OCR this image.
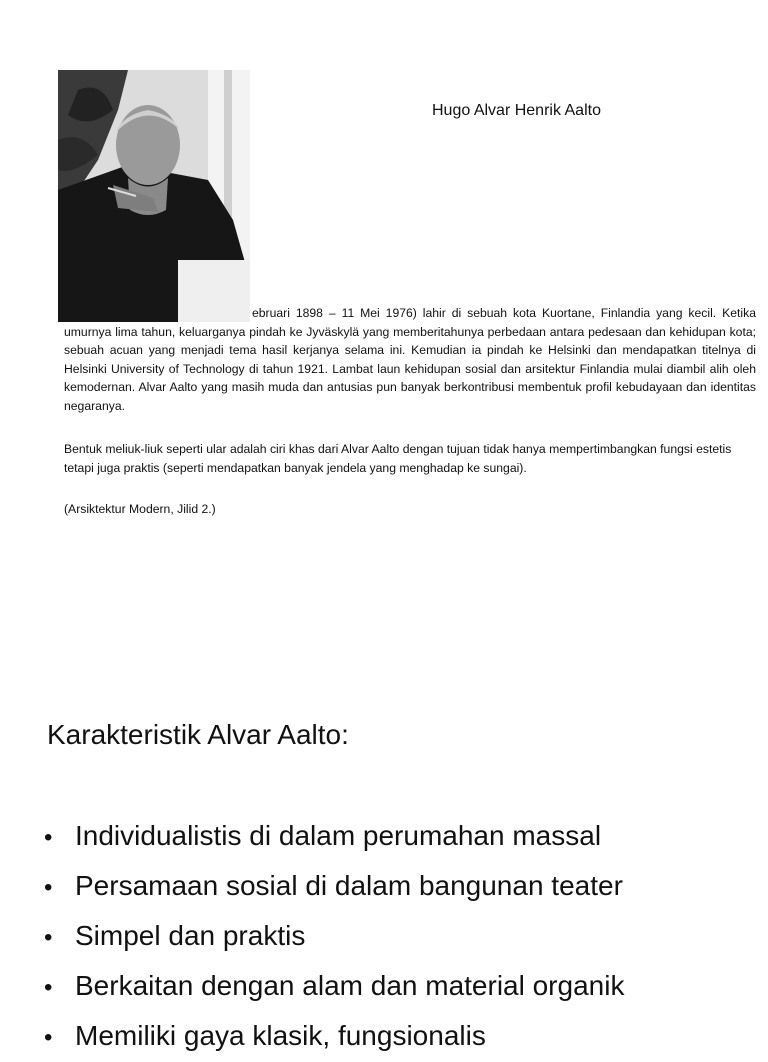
Hugo Alvar Henrik Aalto
ebruari 1898 – 11 Mei 1976) lahir di sebuah kota Kuortane, Finlandia yang kecil. Ketika umurnya lima tahun, keluarganya pindah ke Jyväskylä yang memberitahunya perbedaan antara pedesaan dan kehidupan kota; sebuah acuan yang menjadi tema hasil kerjanya selama ini. Kemudian ia pindah ke Helsinki dan mendapatkan titelnya di Helsinki University of Technology di tahun 1921. Lambat laun kehidupan sosial dan arsitektur Finlandia mulai diambil alih oleh kemodernan. Alvar Aalto yang masih muda dan antusias pun banyak berkontribusi membentuk profil kebudayaan dan identitas negaranya.

Bentuk meliuk-liuk seperti ular adalah ciri khas dari Alvar Aalto dengan tujuan tidak hanya mempertimbangkan fungsi estetis tetapi juga praktis (seperti mendapatkan banyak jendela yang menghadap ke sungai).

(Arsiktektur Modern, Jilid 2.)

Karakteristik Alvar Aalto:
• Individualistis di dalam perumahan massal
• Persamaan sosial di dalam bangunan teater
• Simpel dan praktis
• Berkaitan dengan alam dan material organik
• Memiliki gaya klasik, fungsionalis
